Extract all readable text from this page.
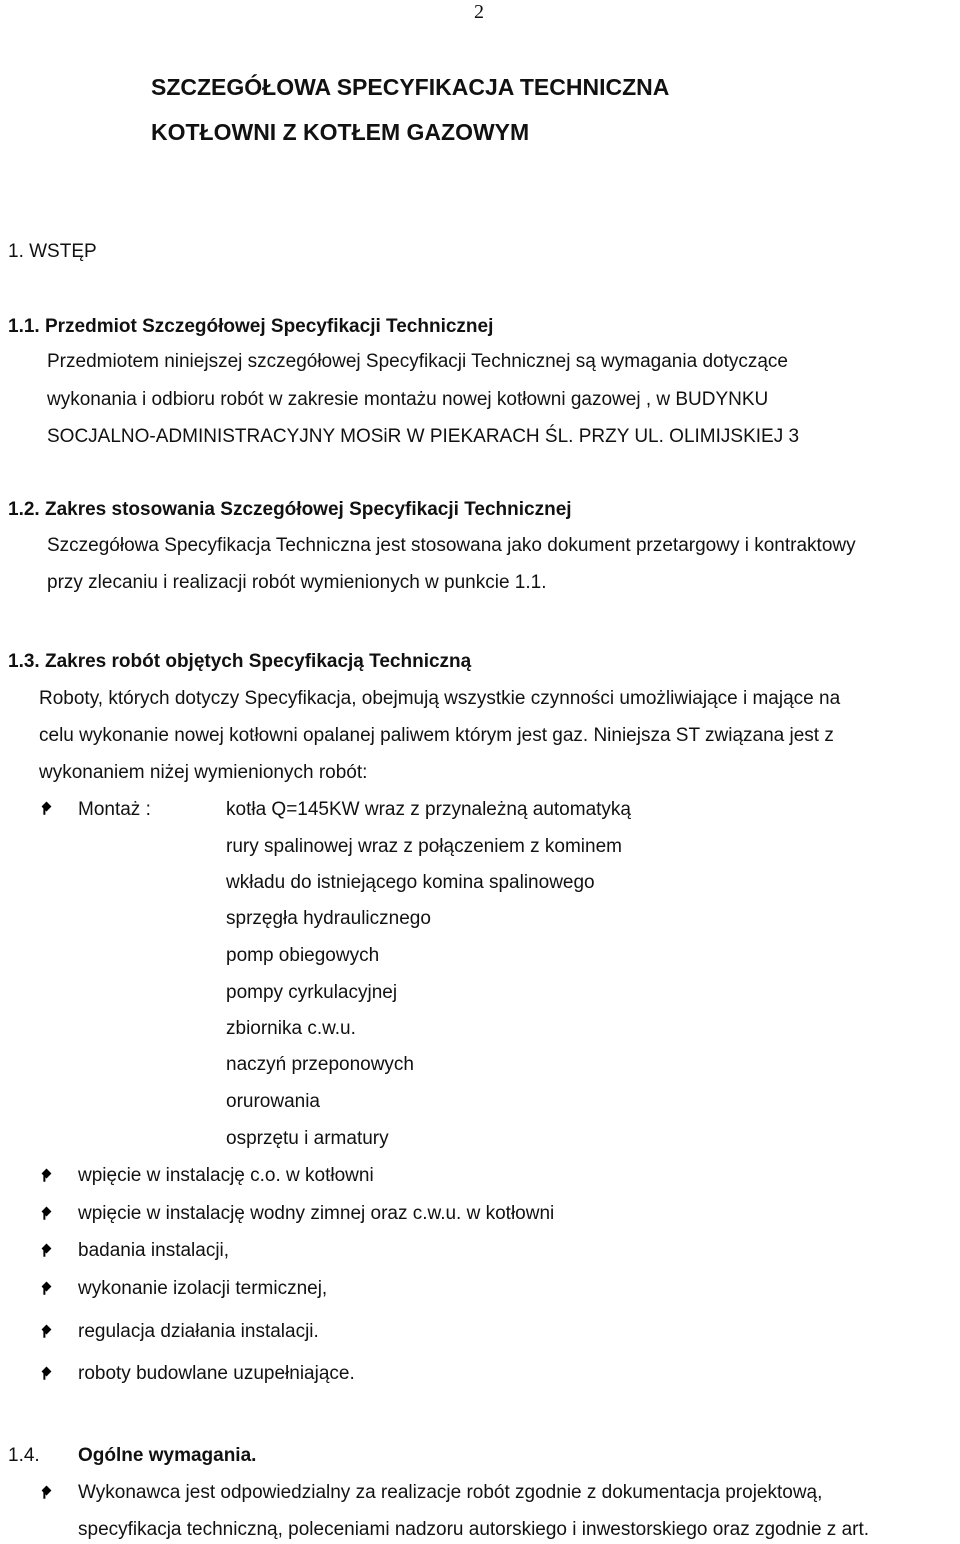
2
SZCZEGÓŁOWA SPECYFIKACJA TECHNICZNA
KOTŁOWNI Z KOTŁEM GAZOWYM
1. WSTĘP
1.1. Przedmiot Szczegółowej Specyfikacji Technicznej
Przedmiotem niniejszej szczegółowej Specyfikacji Technicznej są wymagania dotyczące
wykonania i odbioru robót w zakresie montażu nowej kotłowni gazowej , w BUDYNKU
SOCJALNO-ADMINISTRACYJNY MOSiR W PIEKARACH ŚL. PRZY UL. OLIMIJSKIEJ 3
1.2. Zakres stosowania Szczegółowej Specyfikacji Technicznej
Szczegółowa Specyfikacja Techniczna jest stosowana jako dokument przetargowy i kontraktowy
przy zlecaniu i realizacji robót wymienionych w punkcie 1.1.
1.3. Zakres robót objętych Specyfikacją Techniczną
Roboty, których dotyczy Specyfikacja, obejmują wszystkie czynności umożliwiające i mające na
celu wykonanie nowej kotłowni opalanej paliwem którym jest gaz. Niniejsza ST związana jest z
wykonaniem niżej wymienionych robót:
Montaż :	kotła Q=145KW wraz z przynależną automatyką
rury spalinowej wraz z połączeniem z kominem
wkładu do istniejącego komina spalinowego
sprzęgła hydraulicznego
pomp obiegowych
pompy cyrkulacyjnej
zbiornika c.w.u.
naczyń przeponowych
orurowania
osprzętu i armatury
wpięcie w instalację c.o. w kotłowni
wpięcie w instalację wodny zimnej oraz c.w.u. w kotłowni
badania instalacji,
wykonanie izolacji termicznej,
regulacja działania instalacji.
roboty budowlane uzupełniające.
1.4. Ogólne wymagania.
Wykonawca jest odpowiedzialny za realizacje robót zgodnie z dokumentacja projektową,
specyfikacja techniczną, poleceniami nadzoru autorskiego i inwestorskiego oraz zgodnie z art.
